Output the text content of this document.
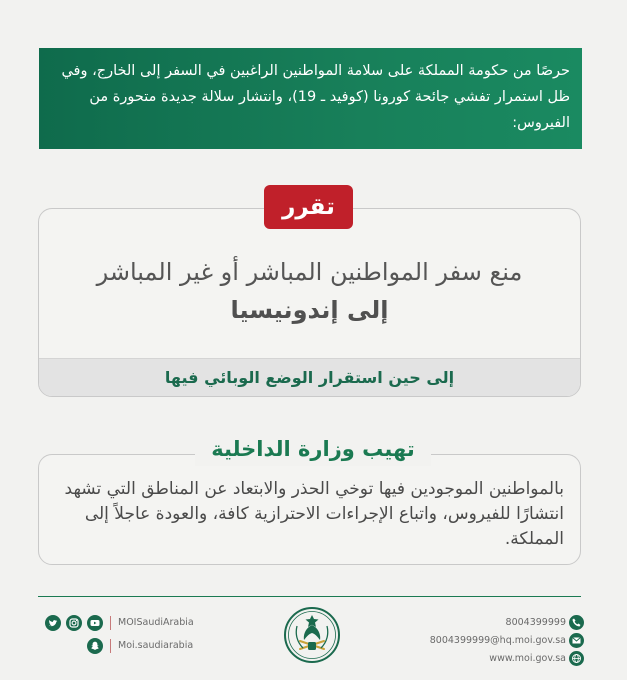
حرصًا من حكومة المملكة على سلامة المواطنين الراغبين في السفر إلى الخارج، وفي ظل استمرار تفشي جائحة كورونا (كوفيد ـ 19)، وانتشار سلالة جديدة متحورة من الفيروس:
منع سفر المواطنين المباشر أو غير المباشر
إلى إندونيسيا
إلى حين استقرار الوضع الوبائي فيها
تقرر
بالمواطنين الموجودين فيها توخي الحذر والابتعاد عن المناطق التي تشهد انتشارًا للفيروس، واتباع الإجراءات الاحترازية كافة، والعودة عاجلاً إلى المملكة.
تهيب وزارة الداخلية
MOISaudiArabia
Moi.saudiarabia
8004399999
8004399999@hq.moi.gov.sa
www.moi.gov.sa
